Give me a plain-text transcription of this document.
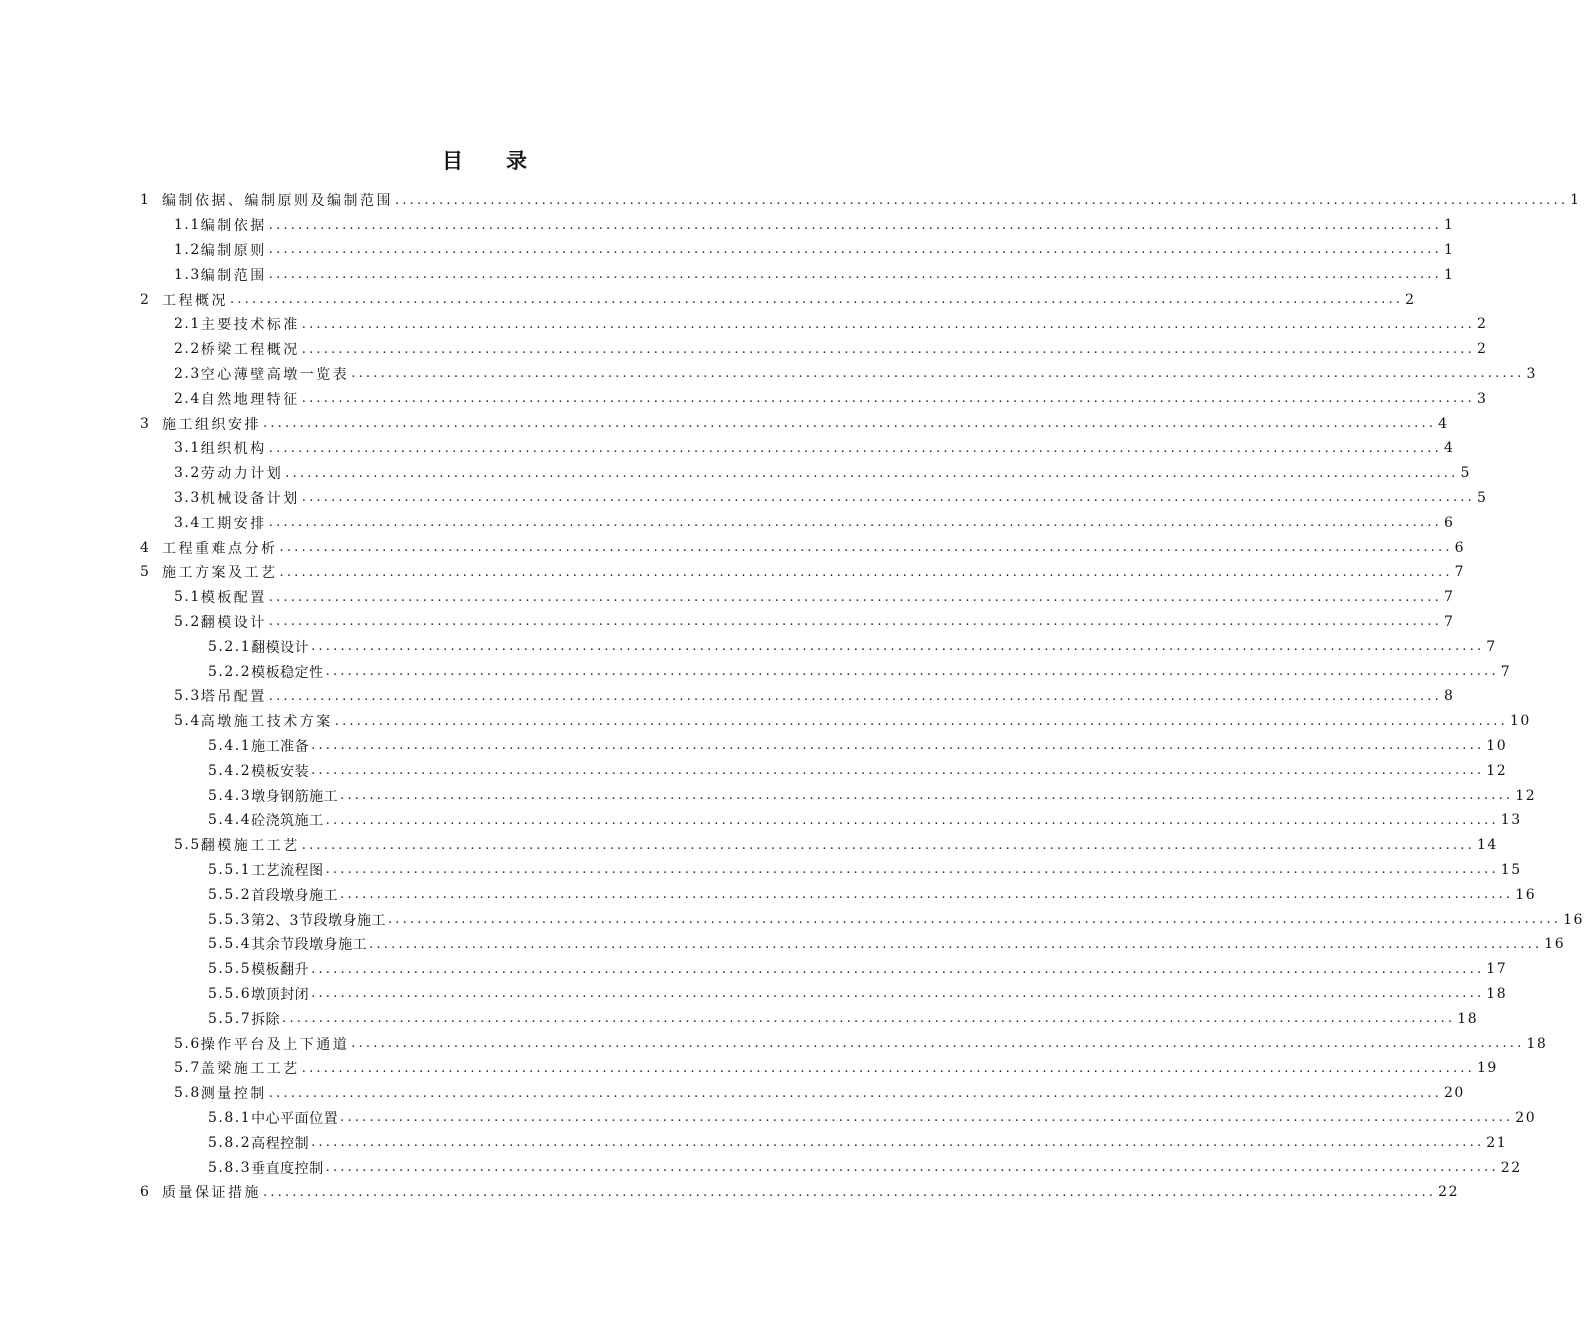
目 录
1 编制依据、编制原则及编制范围 ................................................................................................................................................................ 1
1.1 编制依据 ................................................................................................................................................................ 1
1.2 编制原则 ................................................................................................................................................................ 1
1.3 编制范围 ................................................................................................................................................................ 1
2 工程概况 ................................................................................................................................................................ 2
2.1 主要技术标准 ................................................................................................................................................................ 2
2.2 桥梁工程概况 ................................................................................................................................................................ 2
2.3 空心薄壁高墩一览表 ................................................................................................................................................................ 3
2.4 自然地理特征 ................................................................................................................................................................ 3
3 施工组织安排 ................................................................................................................................................................ 4
3.1 组织机构 ................................................................................................................................................................ 4
3.2 劳动力计划 ................................................................................................................................................................ 5
3.3 机械设备计划 ................................................................................................................................................................ 5
3.4 工期安排 ................................................................................................................................................................ 6
4 工程重难点分析 ................................................................................................................................................................ 6
5 施工方案及工艺 ................................................................................................................................................................ 7
5.1 模板配置 ................................................................................................................................................................ 7
5.2 翻模设计 ................................................................................................................................................................ 7
5.2.1 翻模设计 ................................................................................................................................................................ 7
5.2.2 模板稳定性 ................................................................................................................................................................ 7
5.3 塔吊配置 ................................................................................................................................................................ 8
5.4 高墩施工技术方案 ................................................................................................................................................................ 10
5.4.1 施工准备 ................................................................................................................................................................ 10
5.4.2 模板安装 ................................................................................................................................................................ 12
5.4.3 墩身钢筋施工 ................................................................................................................................................................ 12
5.4.4 砼浇筑施工 ................................................................................................................................................................ 13
5.5 翻模施工工艺 ................................................................................................................................................................ 14
5.5.1 工艺流程图 ................................................................................................................................................................ 15
5.5.2 首段墩身施工 ................................................................................................................................................................ 16
5.5.3 第2、3节段墩身施工 ................................................................................................................................................................ 16
5.5.4 其余节段墩身施工 ................................................................................................................................................................ 16
5.5.5 模板翻升 ................................................................................................................................................................ 17
5.5.6 墩顶封闭 ................................................................................................................................................................ 18
5.5.7 拆除 ................................................................................................................................................................ 18
5.6 操作平台及上下通道 ................................................................................................................................................................ 18
5.7 盖梁施工工艺 ................................................................................................................................................................ 19
5.8 测量控制 ................................................................................................................................................................ 20
5.8.1 中心平面位置 ................................................................................................................................................................ 20
5.8.2 高程控制 ................................................................................................................................................................ 21
5.8.3 垂直度控制 ................................................................................................................................................................ 22
6 质量保证措施 ................................................................................................................................................................ 22
